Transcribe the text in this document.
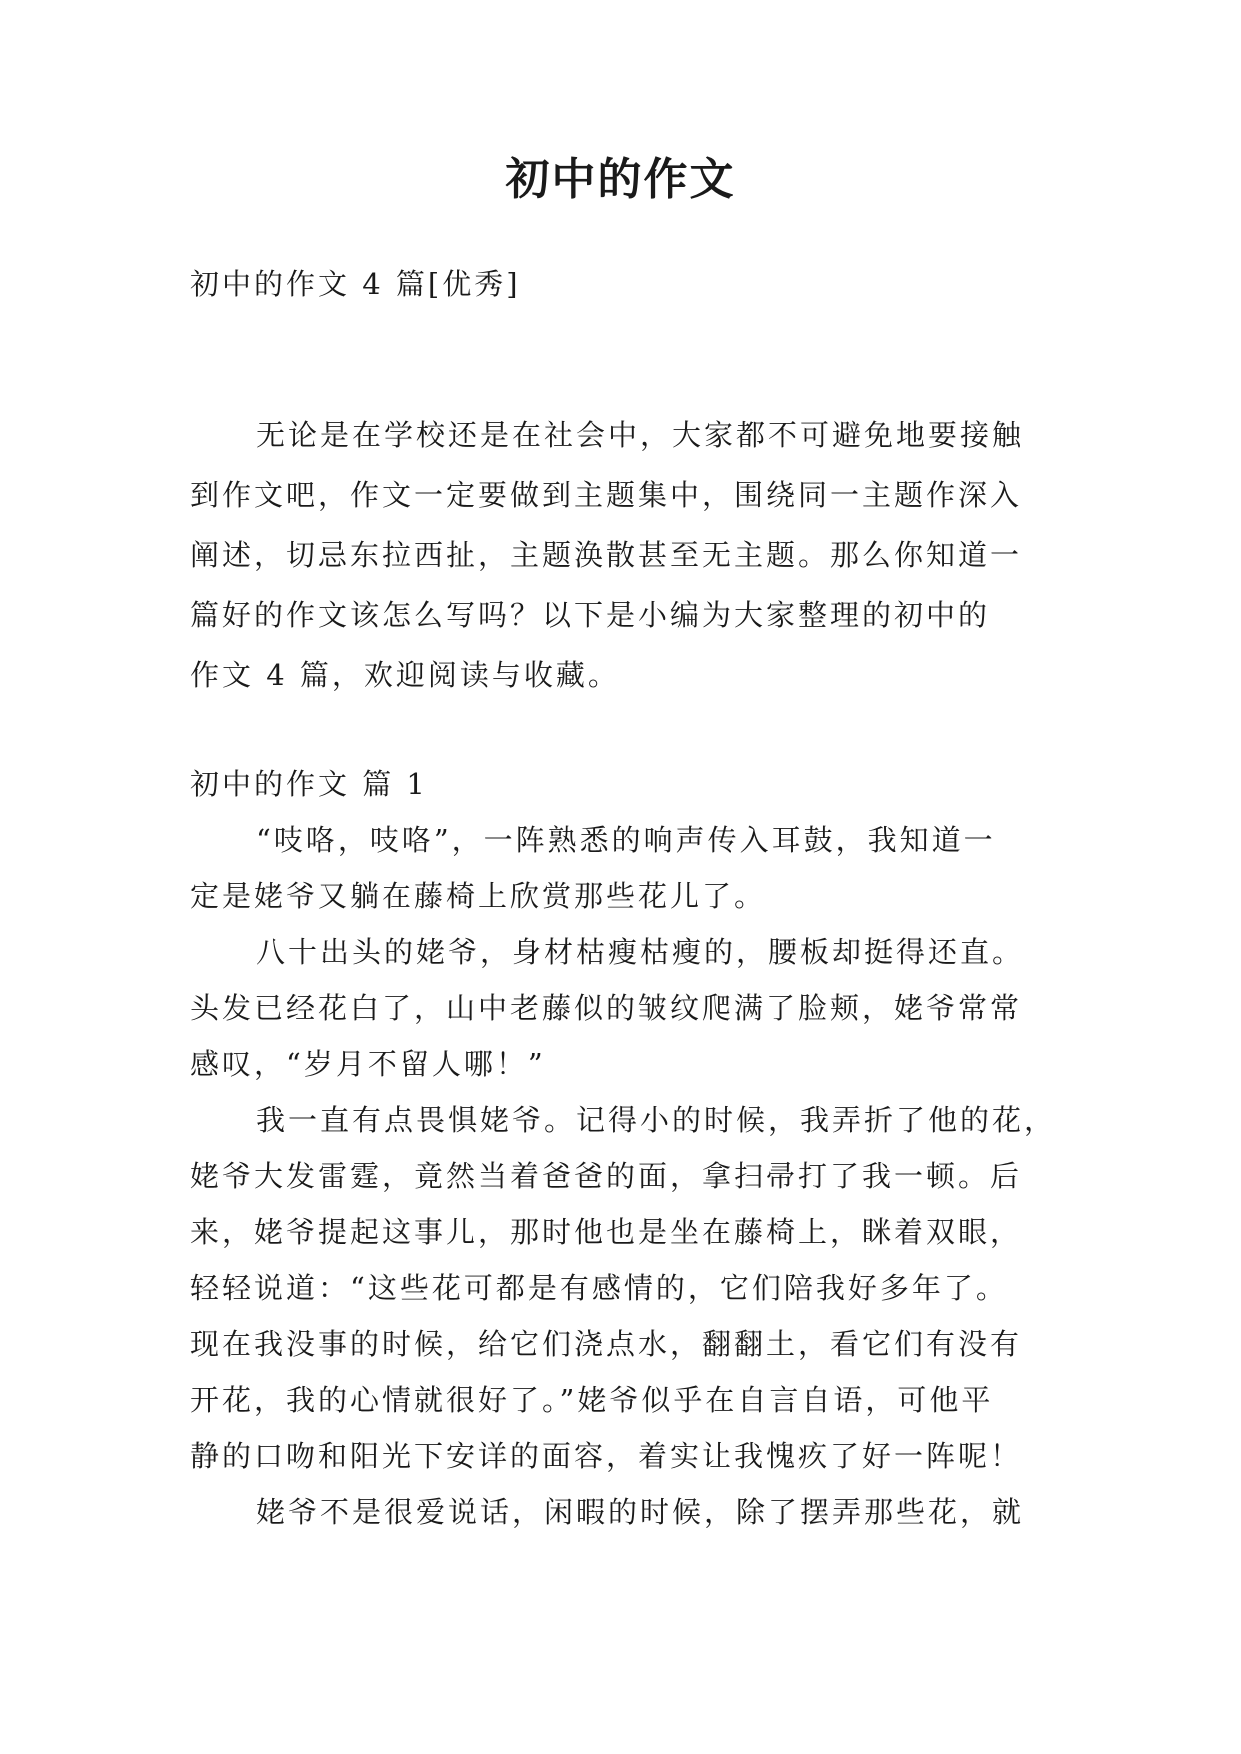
初中的作文
初中的作文 4 篇[优秀]
无论是在学校还是在社会中，大家都不可避免地要接触
到作文吧，作文一定要做到主题集中，围绕同一主题作深入
阐述，切忌东拉西扯，主题涣散甚至无主题。那么你知道一
篇好的作文该怎么写吗？以下是小编为大家整理的初中的
作文 4 篇，欢迎阅读与收藏。
初中的作文 篇 1
“吱咯，吱咯”，一阵熟悉的响声传入耳鼓，我知道一
定是姥爷又躺在藤椅上欣赏那些花儿了。
八十出头的姥爷，身材枯瘦枯瘦的，腰板却挺得还直。
头发已经花白了，山中老藤似的皱纹爬满了脸颊，姥爷常常
感叹，“岁月不留人哪！”
我一直有点畏惧姥爷。记得小的时候，我弄折了他的花，
姥爷大发雷霆，竟然当着爸爸的面，拿扫帚打了我一顿。后
来，姥爷提起这事儿，那时他也是坐在藤椅上，眯着双眼，
轻轻说道：“这些花可都是有感情的，它们陪我好多年了。
现在我没事的时候，给它们浇点水，翻翻土，看它们有没有
开花，我的心情就很好了。”姥爷似乎在自言自语，可他平
静的口吻和阳光下安详的面容，着实让我愧疚了好一阵呢！
姥爷不是很爱说话，闲暇的时候，除了摆弄那些花，就
